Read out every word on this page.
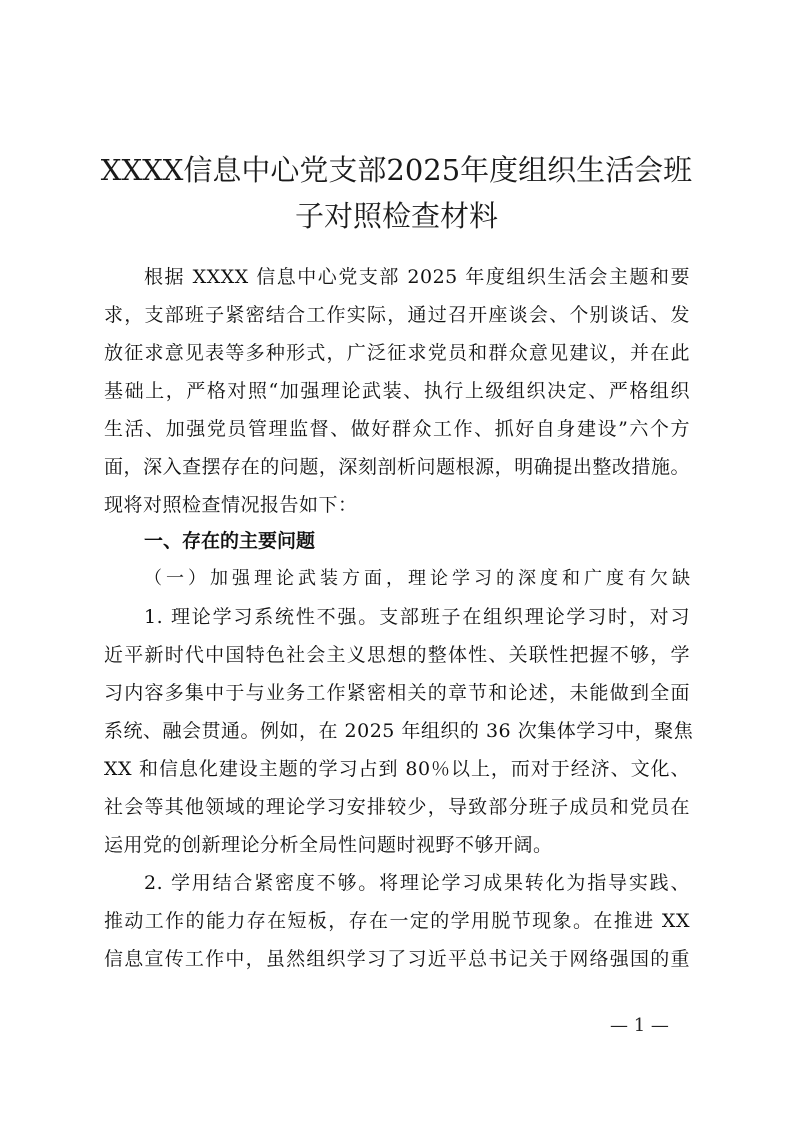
XXXX信息中心党支部2025年度组织生活会班
子对照检查材料
根据 XXXX 信息中心党支部 2025 年度组织生活会主题和要
求，支部班子紧密结合工作实际，通过召开座谈会、个别谈话、发
放征求意见表等多种形式，广泛征求党员和群众意见建议，并在此
基础上，严格对照“加强理论武装、执行上级组织决定、严格组织
生活、加强党员管理监督、做好群众工作、抓好自身建设”六个方
面，深入查摆存在的问题，深刻剖析问题根源，明确提出整改措施。
现将对照检查情况报告如下：
一、存在的主要问题
（一）加强理论武装方面，理论学习的深度和广度有欠缺
1. 理论学习系统性不强。支部班子在组织理论学习时，对习
近平新时代中国特色社会主义思想的整体性、关联性把握不够，学
习内容多集中于与业务工作紧密相关的章节和论述，未能做到全面
系统、融会贯通。例如，在 2025 年组织的 36 次集体学习中，聚焦
XX 和信息化建设主题的学习占到 80％以上，而对于经济、文化、
社会等其他领域的理论学习安排较少，导致部分班子成员和党员在
运用党的创新理论分析全局性问题时视野不够开阔。
2. 学用结合紧密度不够。将理论学习成果转化为指导实践、
推动工作的能力存在短板，存在一定的学用脱节现象。在推进 XX
信息宣传工作中，虽然组织学习了习近平总书记关于网络强国的重
— 1 —
